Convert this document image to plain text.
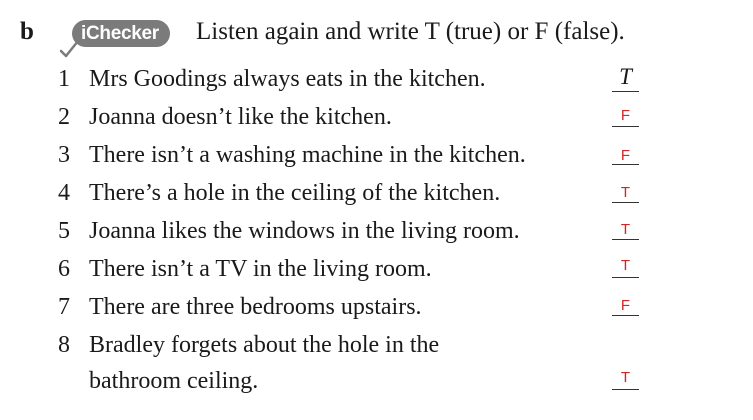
b	iChecker	Listen again and write T (true) or F (false).
1 Mrs Goodings always eats in the kitchen.	T
2 Joanna doesn’t like the kitchen.	F
3 There isn’t a washing machine in the kitchen.	F
4 There’s a hole in the ceiling of the kitchen.	T
5 Joanna likes the windows in the living room.	T
6 There isn’t a TV in the living room.	T
7 There are three bedrooms upstairs.	F
8 Bradley forgets about the hole in the
bathroom ceiling.	T
